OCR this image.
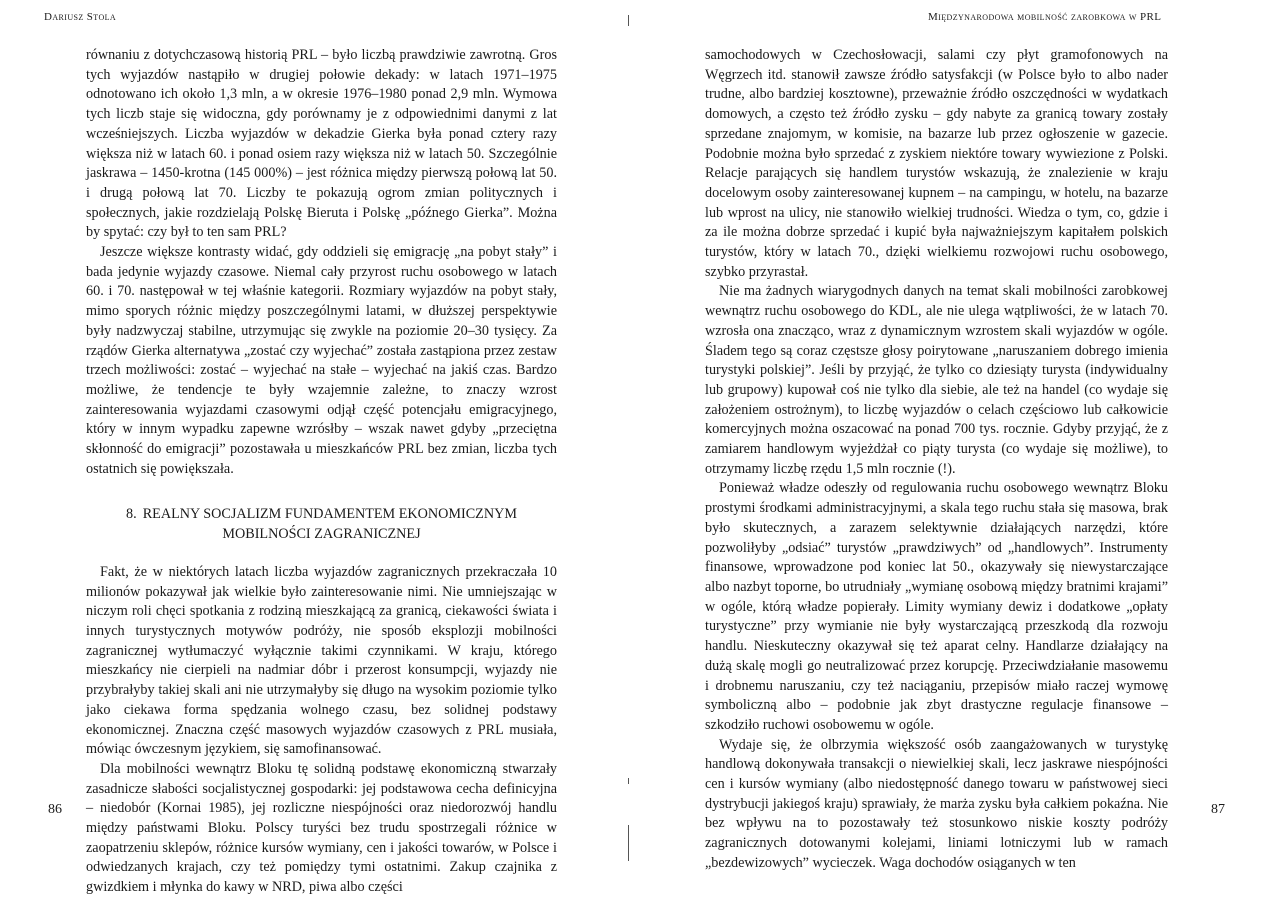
Dariusz Stola

równaniu z dotychczasową historią PRL – było liczbą prawdziwie zawrotną. Gros tych wyjazdów nastąpiło w drugiej połowie dekady: w latach 1971–1975 odnotowano ich około 1,3 mln, a w okresie 1976–1980 ponad 2,9 mln. Wymowa tych liczb staje się widoczna, gdy porównamy je z odpowiednimi danymi z lat wcześniejszych. Liczba wyjazdów w dekadzie Gierka była ponad cztery razy większa niż w latach 60. i ponad osiem razy większa niż w latach 50. Szczególnie jaskrawa – 1450-krotna (145 000%) – jest różnica między pierwszą połową lat 50. i drugą połową lat 70. Liczby te pokazują ogrom zmian politycznych i społecznych, jakie rozdzielają Polskę Bieruta i Polskę „późnego Gierka”. Można by spytać: czy był to ten sam PRL?

Jeszcze większe kontrasty widać, gdy oddzieli się emigrację „na pobyt stały” i bada jedynie wyjazdy czasowe. Niemal cały przyrost ruchu osobowego w latach 60. i 70. następował w tej właśnie kategorii. Rozmiary wyjazdów na pobyt stały, mimo sporych różnic między poszczególnymi latami, w dłuższej perspektywie były nadzwyczaj stabilne, utrzymując się zwykle na poziomie 20–30 tysięcy. Za rządów Gierka alternatywa „zostać czy wyjechać” została zastąpiona przez zestaw trzech możliwości: zostać – wyjechać na stałe – wyjechać na jakiś czas. Bardzo możliwe, że tendencje te były wzajemnie zależne, to znaczy wzrost zainteresowania wyjazdami czasowymi odjął część potencjału emigracyjnego, który w innym wypadku zapewne wzrósłby – wszak nawet gdyby „przeciętna skłonność do emigracji” pozostawała u mieszkańców PRL bez zmian, liczba tych ostatnich się powiększała.

8. REALNY SOCJALIZM FUNDAMENTEM EKONOMICZNYM
MOBILNOŚCI ZAGRANICZNEJ

Fakt, że w niektórych latach liczba wyjazdów zagranicznych przekraczała 10 milionów pokazywał jak wielkie było zainteresowanie nimi. Nie umniejszając w niczym roli chęci spotkania z rodziną mieszkającą za granicą, ciekawości świata i innych turystycznych motywów podróży, nie sposób eksplozji mobilności zagranicznej wytłumaczyć wyłącznie takimi czynnikami. W kraju, którego mieszkańcy nie cierpieli na nadmiar dóbr i przerost konsumpcji, wyjazdy nie przybrałyby takiej skali ani nie utrzymałyby się długo na wysokim poziomie tylko jako ciekawa forma spędzania wolnego czasu, bez solidnej podstawy ekonomicznej. Znaczna część masowych wyjazdów czasowych z PRL musiała, mówiąc ówczesnym językiem, się samofinansować.

Dla mobilności wewnątrz Bloku tę solidną podstawę ekonomiczną stwarzały zasadnicze słabości socjalistycznej gospodarki: jej podstawowa cecha definicyjna – niedobór (Kornai 1985), jej rozliczne niespójności oraz niedorozwój handlu między państwami Bloku. Polscy turyści bez trudu spostrzegali różnice w zaopatrzeniu sklepów, różnice kursów wymiany, cen i jakości towarów, w Polsce i odwiedzanych krajach, czy też pomiędzy tymi ostatnimi. Zakup czajnika z gwizdkiem i młynka do kawy w NRD, piwa albo części

86
Międzynarodowa mobilność zarobkowa w PRL

samochodowych w Czechosłowacji, salami czy płyt gramofonowych na Węgrzech itd. stanowił zawsze źródło satysfakcji (w Polsce było to albo nader trudne, albo bardziej kosztowne), przeważnie źródło oszczędności w wydatkach domowych, a często też źródło zysku – gdy nabyte za granicą towary zostały sprzedane znajomym, w komisie, na bazarze lub przez ogłoszenie w gazecie. Podobnie można było sprzedać z zyskiem niektóre towary wywiezione z Polski. Relacje parających się handlem turystów wskazują, że znalezienie w kraju docelowym osoby zainteresowanej kupnem – na campingu, w hotelu, na bazarze lub wprost na ulicy, nie stanowiło wielkiej trudności. Wiedza o tym, co, gdzie i za ile można dobrze sprzedać i kupić była najważniejszym kapitałem polskich turystów, który w latach 70., dzięki wielkiemu rozwojowi ruchu osobowego, szybko przyrastał.

Nie ma żadnych wiarygodnych danych na temat skali mobilności zarobkowej wewnątrz ruchu osobowego do KDL, ale nie ulega wątpliwości, że w latach 70. wzrosła ona znacząco, wraz z dynamicznym wzrostem skali wyjazdów w ogóle. Śladem tego są coraz częstsze głosy poirytowane „naruszaniem dobrego imienia turystyki polskiej”. Jeśli by przyjąć, że tylko co dziesiąty turysta (indywidualny lub grupowy) kupował coś nie tylko dla siebie, ale też na handel (co wydaje się założeniem ostrożnym), to liczbę wyjazdów o celach częściowo lub całkowicie komercyjnych można oszacować na ponad 700 tys. rocznie. Gdyby przyjąć, że z zamiarem handlowym wyjeżdżał co piąty turysta (co wydaje się możliwe), to otrzymamy liczbę rzędu 1,5 mln rocznie (!).

Ponieważ władze odeszły od regulowania ruchu osobowego wewnątrz Bloku prostymi środkami administracyjnymi, a skala tego ruchu stała się masowa, brak było skutecznych, a zarazem selektywnie działających narzędzi, które pozwoliłyby „odsiać” turystów „prawdziwych” od „handlowych”. Instrumenty finansowe, wprowadzone pod koniec lat 50., okazywały się niewystarczające albo nazbyt toporne, bo utrudniały „wymianę osobową między bratnimi krajami” w ogóle, którą władze popierały. Limity wymiany dewiz i dodatkowe „opłaty turystyczne” przy wymianie nie były wystarczającą przeszkodą dla rozwoju handlu. Nieskuteczny okazywał się też aparat celny. Handlarze działający na dużą skalę mogli go neutralizować przez korupcję. Przeciwdziałanie masowemu i drobnemu naruszaniu, czy też naciąganiu, przepisów miało raczej wymowę symboliczną albo – podobnie jak zbyt drastyczne regulacje finansowe – szkodziło ruchowi osobowemu w ogóle.

Wydaje się, że olbrzymia większość osób zaangażowanych w turystykę handlową dokonywała transakcji o niewielkiej skali, lecz jaskrawe niespójności cen i kursów wymiany (albo niedostępność danego towaru w państwowej sieci dystrybucji jakiegoś kraju) sprawiały, że marża zysku była całkiem pokaźna. Nie bez wpływu na to pozostawały też stosunkowo niskie koszty podróży zagranicznych dotowanymi kolejami, liniami lotniczymi lub w ramach „bezdewizowych” wycieczek. Waga dochodów osiąganych w ten

87
